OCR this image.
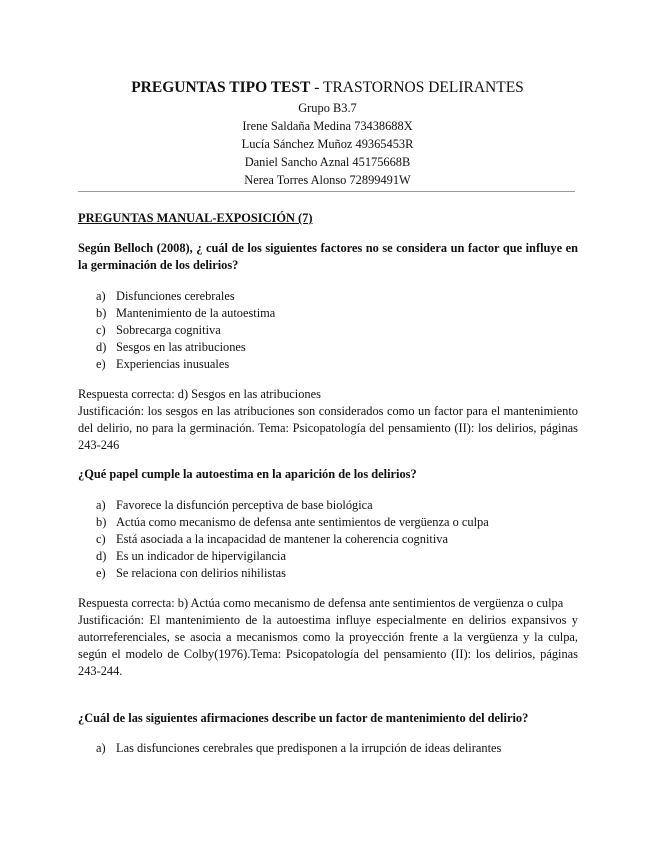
PREGUNTAS TIPO TEST - TRASTORNOS DELIRANTES

Grupo B3.7

Irene Saldaña Medina 73438688X

Lucía Sánchez Muñoz 49365453R

Daniel Sancho Aznal 45175668B

Nerea Torres Alonso 72899491W

PREGUNTAS MANUAL-EXPOSICIÓN (7)

Según Belloch (2008), ¿ cuál de los siguientes factores no se considera un factor que influye en la germinación de los delirios?

a) Disfunciones cerebrales
b) Mantenimiento de la autoestima
c) Sobrecarga cognitiva
d) Sesgos en las atribuciones
e) Experiencias inusuales

Respuesta correcta: d) Sesgos en las atribuciones

Justificación: los sesgos en las atribuciones son considerados como un factor para el mantenimiento del delirio, no para la germinación. Tema: Psicopatología del pensamiento (II): los delirios, páginas 243-246

¿Qué papel cumple la autoestima en la aparición de los delirios?

a) Favorece la disfunción perceptiva de base biológica
b) Actúa como mecanismo de defensa ante sentimientos de vergüenza o culpa
c) Está asociada a la incapacidad de mantener la coherencia cognitiva
d) Es un indicador de hipervigilancia
e) Se relaciona con delirios nihilistas

Respuesta correcta: b) Actúa como mecanismo de defensa ante sentimientos de vergüenza o culpa

Justificación: El mantenimiento de la autoestima influye especialmente en delirios expansivos y autorreferenciales, se asocia a mecanismos como la proyección frente a la vergüenza y la culpa, según el modelo de Colby(1976).Tema: Psicopatología del pensamiento (II): los delirios, páginas 243-244.

¿Cuál de las siguientes afirmaciones describe un factor de mantenimiento del delirio?

a) Las disfunciones cerebrales que predisponen a la irrupción de ideas delirantes
